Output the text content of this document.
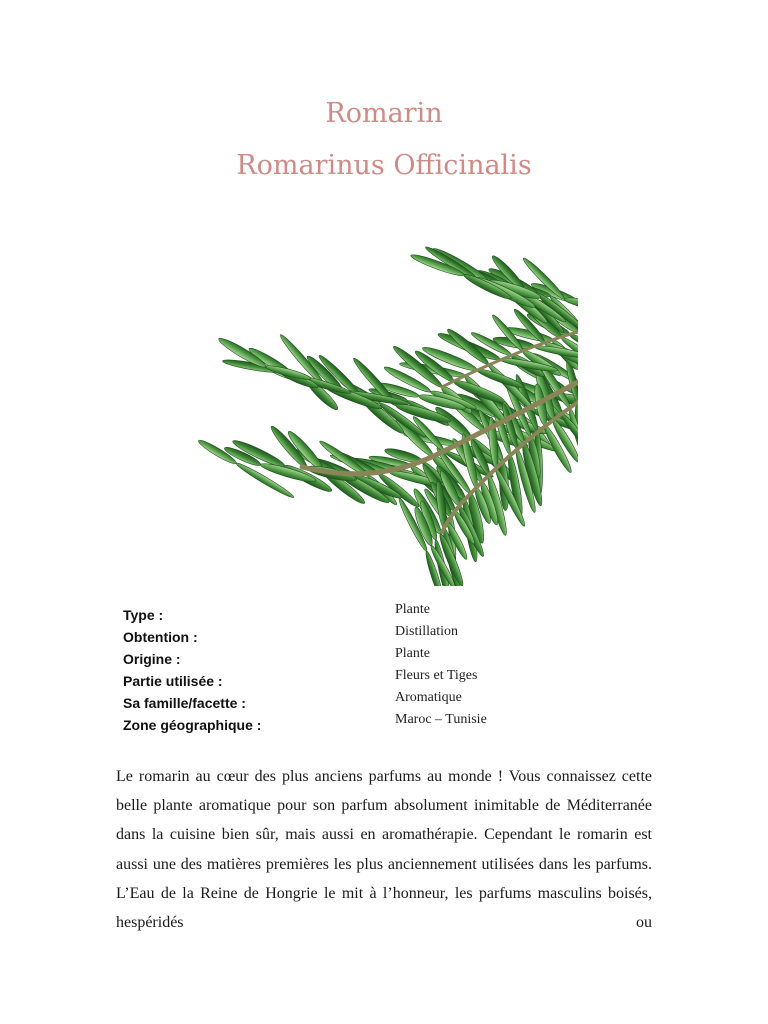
Romarin
Romarinus Officinalis
Type :
Obtention :
Origine :
Partie utilisée :
Sa famille/facette :
Zone géographique :
Plante
Distillation
Plante
Fleurs et Tiges
Aromatique
Maroc – Tunisie

Le romarin au cœur des plus anciens parfums au monde ! Vous connaissez cette belle plante aromatique pour son parfum absolument inimitable de Méditerranée dans la cuisine bien sûr, mais aussi en aromathérapie. Cependant le romarin est aussi une des matières premières les plus anciennement utilisées dans les parfums. L’Eau de la Reine de Hongrie le mit à l’honneur, les parfums masculins boisés, hespéridés ou
